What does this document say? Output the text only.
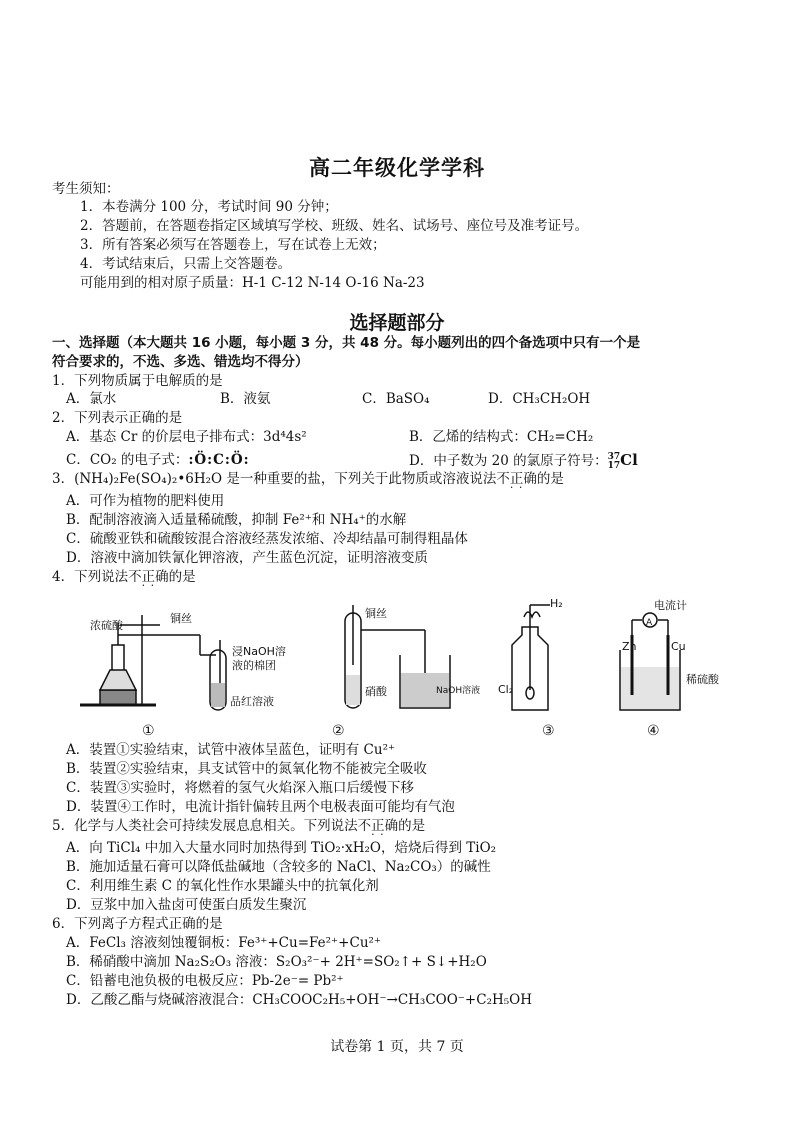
高二年级化学学科
考生须知：
1．本卷满分 100 分，考试时间 90 分钟；
2．答题前，在答题卷指定区域填写学校、班级、姓名、试场号、座位号及准考证号。
3．所有答案必须写在答题卷上，写在试卷上无效；
4．考试结束后，只需上交答题卷。
可能用到的相对原子质量：H-1 C-12 N-14 O-16 Na-23
选择题部分
一、选择题（本大题共 16 小题，每小题 3 分，共 48 分。每小题列出的四个备选项中只有一个是
符合要求的，不选、多选、错选均不得分）
1．下列物质属于电解质的是
A．氯水	B．液氨	C．BaSO₄	D．CH₃CH₂OH
2．下列表示正确的是
A．基态 Cr 的价层电子排布式：3d⁴4s²	B．乙烯的结构式：CH₂=CH₂
C．CO₂ 的电子式：:Ö:C:Ö:	D．中子数为 20 的氯原子符号： 37
17 Cl
3．(NH₄)₂Fe(SO₄)₂•6H₂O 是一种重要的盐，下列关于此物质或溶液说法不正确 · ·的是
A．可作为植物的肥料使用
B．配制溶液滴入适量稀硫酸，抑制 Fe²⁺和 NH₄⁺的水解
C．硫酸亚铁和硫酸铵混合溶液经蒸发浓缩、冷却结晶可制得粗晶体
D．溶液中滴加铁氰化钾溶液，产生蓝色沉淀，证明溶液变质
4．下列说法不正确 · ·的是
浓硫酸
铜丝
浸NaOH溶
液的棉团
品红溶液
铜丝
硝酸	NaOH溶液
H₂
Cl₂
电流计
A
Zn	Cu
稀硫酸
①	②	③	④
A．装置①实验结束，试管中液体呈蓝色，证明有 Cu²⁺
B．装置②实验结束，具支试管中的氮氧化物不能被完全吸收
C．装置③实验时，将燃着的氢气火焰深入瓶口后缓慢下移
D．装置④工作时，电流计指针偏转且两个电极表面可能均有气泡
5．化学与人类社会可持续发展息息相关。下列说法不正确 · ·的是
A．向 TiCl₄ 中加入大量水同时加热得到 TiO₂·xH₂O，焙烧后得到 TiO₂
B．施加适量石膏可以降低盐碱地（含较多的 NaCl、Na₂CO₃）的碱性
C．利用维生素 C 的氧化性作水果罐头中的抗氧化剂
D．豆浆中加入盐卤可使蛋白质发生聚沉
6．下列离子方程式正确的是
A．FeCl₃ 溶液刻蚀覆铜板：Fe³⁺+Cu=Fe²⁺+Cu²⁺
B．稀硝酸中滴加 Na₂S₂O₃ 溶液：S₂O₃²⁻+ 2H⁺=SO₂↑+ S↓+H₂O
C．铅蓄电池负极的电极反应：Pb-2e⁻= Pb²⁺
D．乙酸乙酯与烧碱溶液混合：CH₃COOC₂H₅+OH⁻→CH₃COO⁻+C₂H₅OH
试卷第 1 页，共 7 页
